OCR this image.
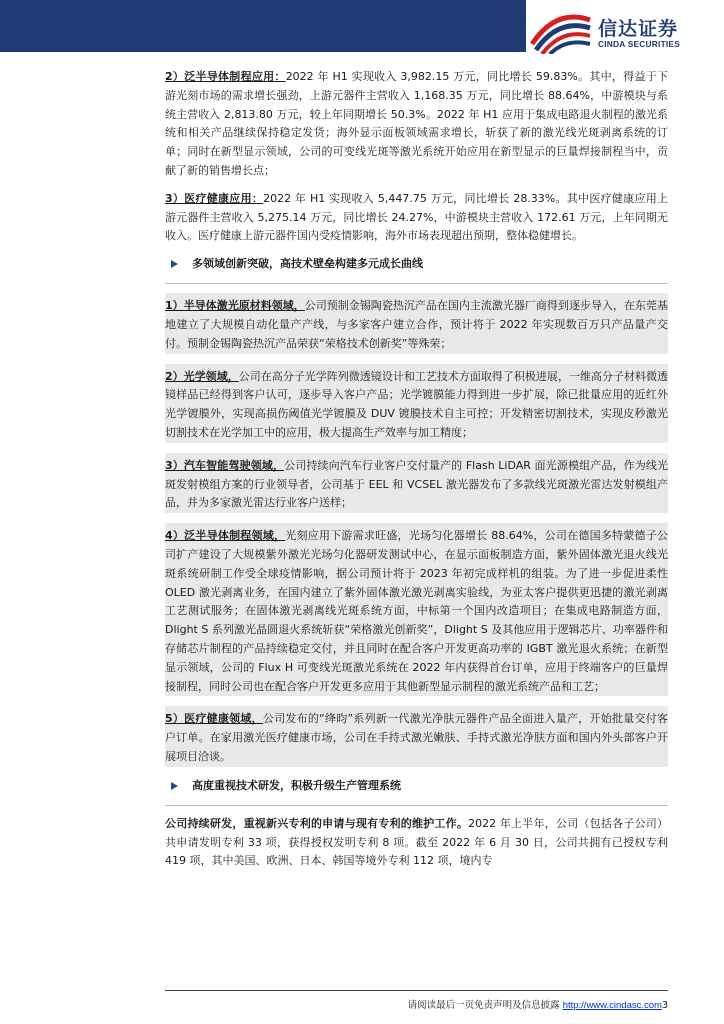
信达证券
CINDA SECURITIES
2）泛半导体制程应用：2022 年 H1 实现收入 3,982.15 万元，同比增长 59.83%。其中，得益于下游光刻市场的需求增长强劲，上游元器件主营收入 1,168.35 万元，同比增长 88.64%，中游模块与系统主营收入 2,813.80 万元，较上年同期增长 50.3%。2022 年 H1 应用于集成电路退火制程的激光系统和相关产品继续保持稳定发货；海外显示面板领域需求增长，斩获了新的激光线光斑剥离系统的订单；同时在新型显示领域，公司的可变线光斑等激光系统开始应用在新型显示的巨量焊接制程当中，贡献了新的销售增长点；
3）医疗健康应用：2022 年 H1 实现收入 5,447.75 万元，同比增长 28.33%。其中医疗健康应用上游元器件主营收入 5,275.14 万元，同比增长 24.27%，中游模块主营收入 172.61 万元，上年同期无收入。医疗健康上游元器件国内受疫情影响，海外市场表现超出预期，整体稳健增长。
多领域创新突破，高技术壁垒构建多元成长曲线
1）半导体激光原材料领域，公司预制金锡陶瓷热沉产品在国内主流激光器厂商得到逐步导入，在东莞基地建立了大规模自动化量产产线，与多家客户建立合作，预计将于 2022 年实现数百万只产品量产交付。预制金锡陶瓷热沉产品荣获“荣格技术创新奖”等殊荣；
2）光学领域，公司在高分子光学阵列微透镜设计和工艺技术方面取得了积极进展，一维高分子材料微透镜样品已经得到客户认可，逐步导入客户产品；光学镀膜能力得到进一步扩展，除已批量应用的近红外光学镀膜外，实现高损伤阈值光学镀膜及 DUV 镀膜技术自主可控；开发精密切割技术，实现皮秒激光切割技术在光学加工中的应用，极大提高生产效率与加工精度；
3）汽车智能驾驶领域，公司持续向汽车行业客户交付量产的 Flash LiDAR 面光源模组产品，作为线光斑发射模组方案的行业领导者，公司基于 EEL 和 VCSEL 激光器发布了多款线光斑激光雷达发射模组产品，并为多家激光雷达行业客户送样；
4）泛半导体制程领域，光刻应用下游需求旺盛，光场匀化器增长 88.64%，公司在德国多特蒙德子公司扩产建设了大规模紫外激光光场匀化器研发测试中心，在显示面板制造方面，紫外固体激光退火线光斑系统研制工作受全球疫情影响，据公司预计将于 2023 年初完成样机的组装。为了进一步促进柔性 OLED 激光剥离业务，在国内建立了紫外固体激光激光剥离实验线，为亚太客户提供更迅捷的激光剥离工艺测试服务；在固体激光剥离线光斑系统方面，中标第一个国内改造项目；在集成电路制造方面，Dlight S 系列激光晶圆退火系统斩获“荣格激光创新奖”，Dlight S 及其他应用于逻辑芯片、功率器件和存储芯片制程的产品持续稳定交付，并且同时在配合客户开发更高功率的 IGBT 激光退火系统；在新型显示领域，公司的 Flux H 可变线光斑激光系统在 2022 年内获得首台订单，应用于终端客户的巨量焊接制程，同时公司也在配合客户开发更多应用于其他新型显示制程的激光系统产品和工艺；
5）医疗健康领域，公司发布的“绛昀”系列新一代激光净肤元器件产品全面进入量产，开始批量交付客户订单。在家用激光医疗健康市场，公司在手持式激光嫩肤、手持式激光净肤方面和国内外头部客户开展项目洽谈。
高度重视技术研发，积极升级生产管理系统
公司持续研发，重视新兴专利的申请与现有专利的维护工作。2022 年上半年，公司（包括各子公司）共申请发明专利 33 项，获得授权发明专利 8 项。截至 2022 年 6 月 30 日，公司共拥有已授权专利 419 项，其中美国、欧洲、日本、韩国等境外专利 112 项，境内专
请阅读最后一页免责声明及信息披露 http://www.cindasc.com3
